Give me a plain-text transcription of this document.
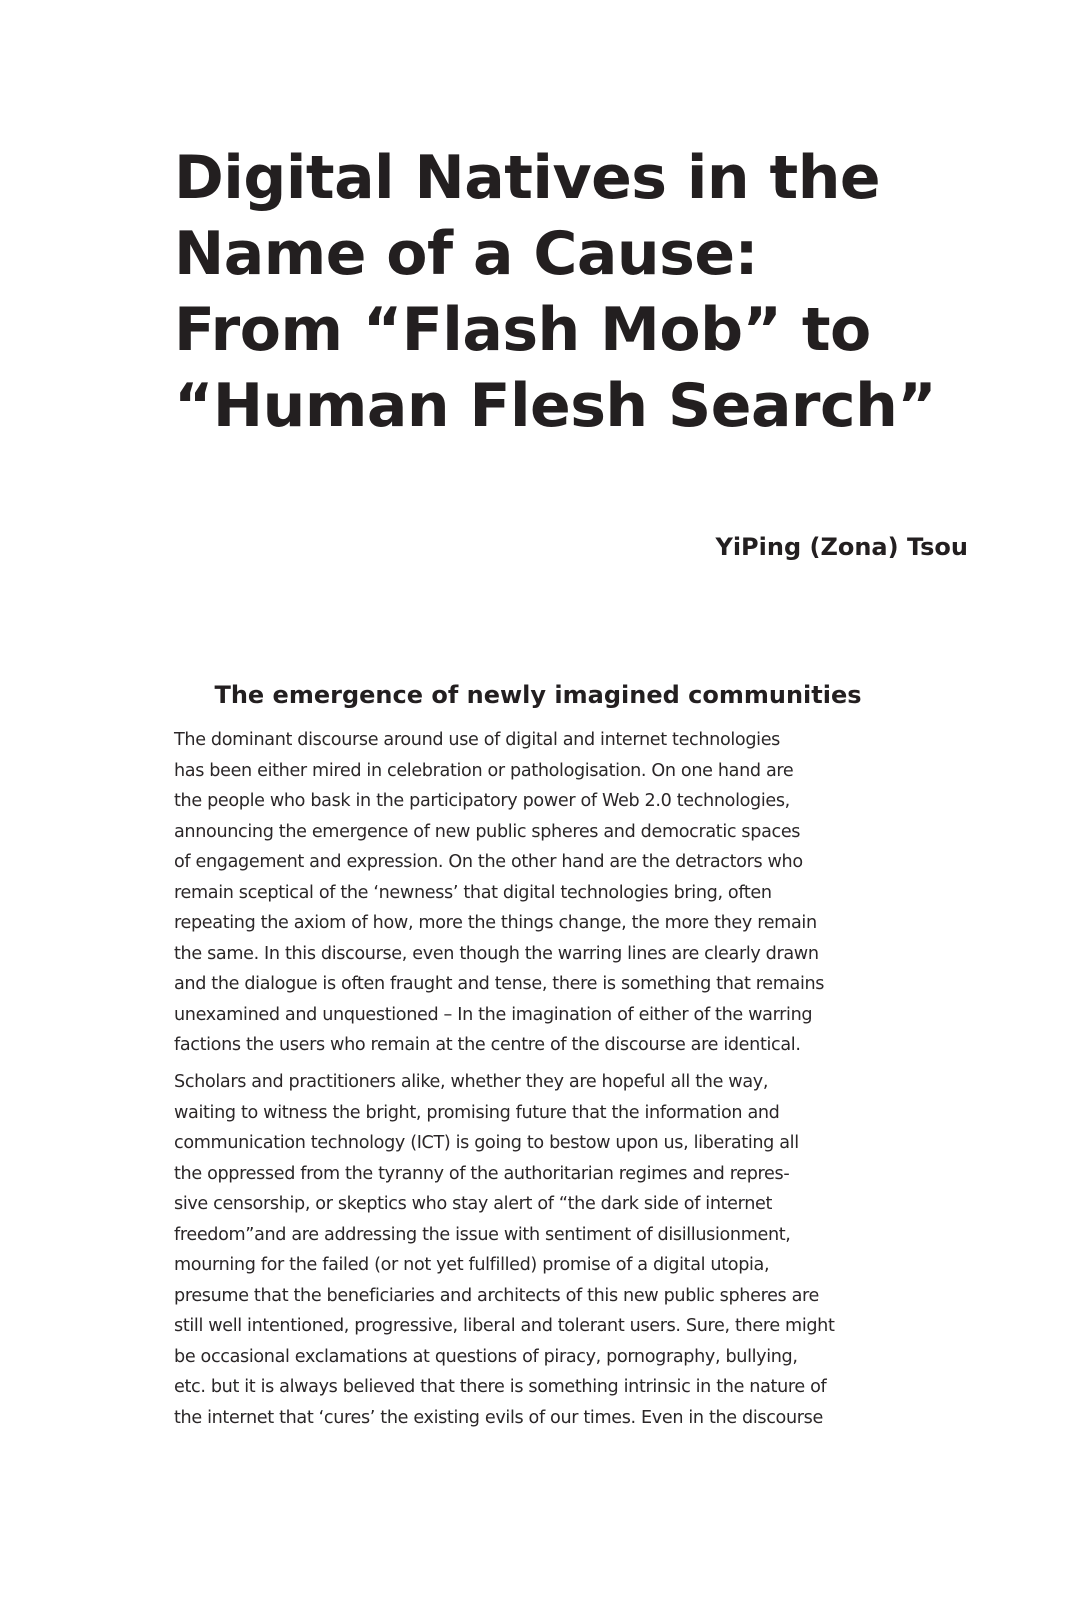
Digital Natives in the
Name of a Cause:
From “Flash Mob” to
“Human Flesh Search”

YiPing (Zona) Tsou

The emergence of newly imagined communities

The dominant discourse around use of digital and internet technologies
has been either mired in celebration or pathologisation. On one hand are
the people who bask in the participatory power of Web 2.0 technologies,
announcing the emergence of new public spheres and democratic spaces
of engagement and expression. On the other hand are the detractors who
remain sceptical of the ‘newness’ that digital technologies bring, often
repeating the axiom of how, more the things change, the more they remain
the same. In this discourse, even though the warring lines are clearly drawn
and the dialogue is often fraught and tense, there is something that remains
unexamined and unquestioned – In the imagination of either of the warring
factions the users who remain at the centre of the discourse are identical.

Scholars and practitioners alike, whether they are hopeful all the way,
waiting to witness the bright, promising future that the information and
communication technology (ICT) is going to bestow upon us, liberating all
the oppressed from the tyranny of the authoritarian regimes and repres-
sive censorship, or skeptics who stay alert of “the dark side of internet
freedom”and are addressing the issue with sentiment of disillusionment,
mourning for the failed (or not yet fulfilled) promise of a digital utopia,
presume that the beneficiaries and architects of this new public spheres are
still well intentioned, progressive, liberal and tolerant users. Sure, there might
be occasional exclamations at questions of piracy, pornography, bullying,
etc. but it is always believed that there is something intrinsic in the nature of
the internet that ‘cures’ the existing evils of our times. Even in the discourse
